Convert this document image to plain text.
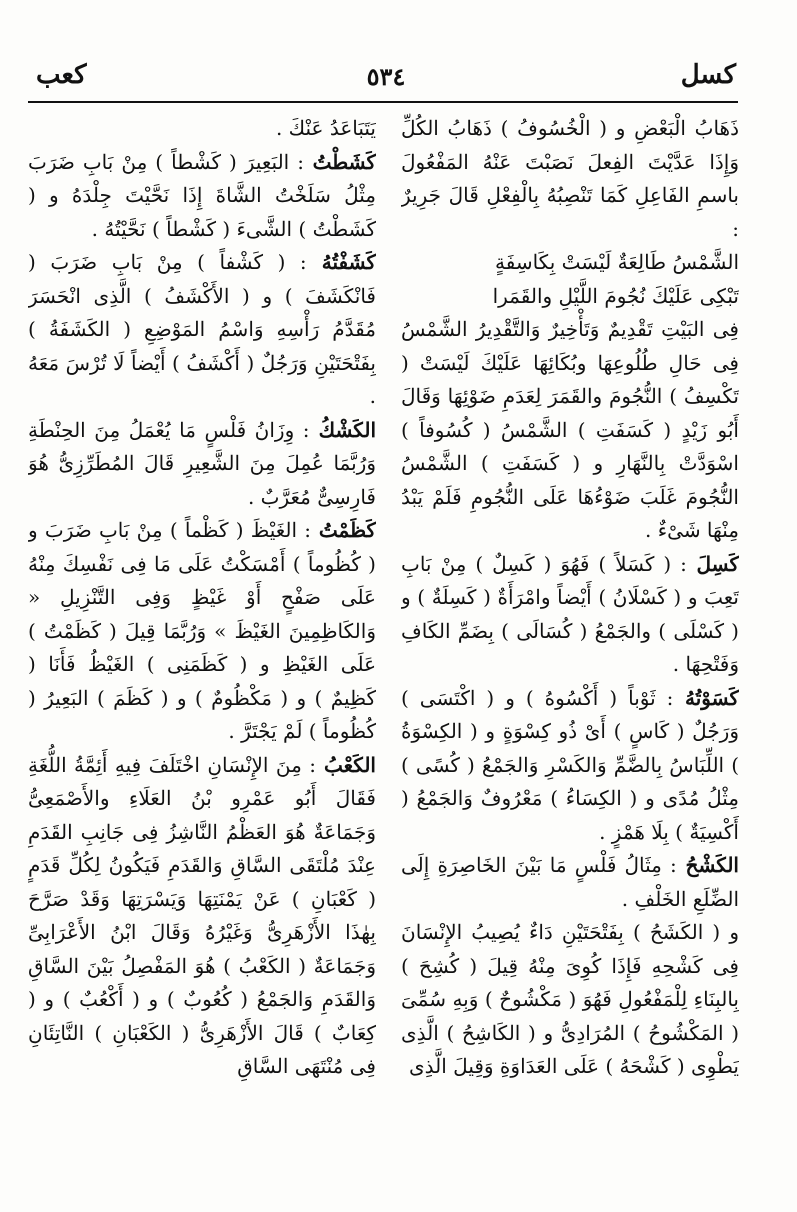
كسل
٥٣٤
كعب
ذَهَابُ الْبَعْضِ و ( الْخُسُوفُ ) ذَهَابُ الكُلِّ وَإِذَا عَدَّيْتَ الفِعلَ نَصَبْتَ عَنْهُ المَفْعُولَ باسمِ الفَاعِلِ كَمَا تَنْصِبُهُ بِالْفِعْلِ قَالَ جَرِيرٌ :
الشَّمْسُ طَالِعَةٌ لَيْسَتْ بِكَاسِفَةٍ
تَبْكِى عَلَيْكَ نُجُومَ اللَّيْلِ والقَمَرا
فِى البَيْتِ تَقْدِيمٌ وَتَأْخِيرٌ وَالتَّقْدِيرُ الشَّمْسُ فِى حَالِ طُلُوعِهَا وبُكَائِهَا عَلَيْكَ لَيْسَتْ ( تَكْسِفُ ) النُّجُومَ والقَمَرَ لِعَدَمِ ضَوْئِهَا وَقَالَ أَبُو زَيْدٍ ( كَسَفَتِ ) الشَّمْسُ ( كُسُوفاً ) اسْوَدَّتْ بِالنَّهَارِ و ( كَسَفَتِ ) الشَّمْسُ النُّجُومَ غَلَبَ ضَوْءُهَا عَلَى النُّجُومِ فَلَمْ يَبْدُ مِنْهَا شَىْءٌ .
كَسِلَ : ( كَسَلاً ) فَهُوَ ( كَسِلٌ ) مِنْ بَابِ تَعِبَ و ( كَسْلَانُ ) أَيْضاً وامْرَأَةٌ ( كَسِلَةٌ ) و ( كَسْلَى ) والجَمْعُ ( كُسَالَى ) بِضَمِّ الكَافِ وَفَتْحِهَا .
كَسَوْتُهُ : ثَوْباً ( أَكْسُوهُ ) و ( اكْتَسَى ) وَرَجُلٌ ( كَاسٍ ) أَىْ ذُو كِسْوَةٍ و ( الكِسْوَةُ ) اللِّبَاسُ بِالضَّمِّ وَالكَسْرِ وَالجَمْعُ ( كُسًى ) مِثْلُ مُدًى و ( الكِسَاءُ ) مَعْرُوفٌ وَالجَمْعُ ( أَكْسِيَةٌ ) بِلَا هَمْزٍ .
الكَشْحُ : مِثَالُ فَلْسٍ مَا بَيْنَ الخَاصِرَةِ إِلَى الضِّلَعِ الخَلْفِ .
و ( الكَشَحُ ) بِفَتْحَتَيْنِ دَاءٌ يُصِيبُ الإِنْسَانَ فِى كَشْحِهِ فَإِذَا كُوِىَ مِنْهُ قِيلَ ( كُشِحَ ) بِالبِنَاءِ لِلْمَفْعُولِ فَهُوَ ( مَكْشُوحٌ ) وَبِهِ سُمِّىَ ( المَكْشُوحُ ) المُرَادِىُّ و ( الكَاشِحُ ) الَّذِى يَطْوِى ( كَشْحَهُ ) عَلَى العَدَاوَةِ وَقِيلَ الَّذِى
يَتَبَاعَدُ عَنْكَ .
كَشَطْتُ : البَعِيرَ ( كَشْطاً ) مِنْ بَابِ ضَرَبَ مِثْلُ سَلَخْتُ الشَّاةَ إِذَا نَحَّيْتَ جِلْدَهُ و ( كَشَطْتُ ) الشَّىءَ ( كَشْطاً ) نَحَّيْتُهُ .
كَشَفْتُهُ : ( كَشْفاً ) مِنْ بَابِ ضَرَبَ ( فَانْكَشَفَ ) و ( الأَكْشَفُ ) الَّذِى انْحَسَرَ مُقَدَّمُ رَأْسِهِ وَاسْمُ المَوْضِعِ ( الكَشَفَةُ ) بِفَتْحَتَيْنِ وَرَجُلٌ ( أَكْشَفُ ) أَيْضاً لَا تُرْسَ مَعَهُ .
الكَشْكُ : وِزَانُ فَلْسٍ مَا يُعْمَلُ مِنَ الحِنْطَةِ وَرُبَّمَا عُمِلَ مِنَ الشَّعِيرِ قَالَ المُطَرِّزِىُّ هُوَ فَارِسِىٌّ مُعَرَّبٌ .
كَظَمْتُ : الغَيْظَ ( كَظْماً ) مِنْ بَابِ ضَرَبَ و ( كُظُوماً ) أَمْسَكْتُ عَلَى مَا فِى نَفْسِكَ مِنْهُ عَلَى صَفْحٍ أَوْ غَيْظٍ وَفِى التَّنْزِيلِ « وَالكَاظِمِينَ الغَيْظَ » وَرُبَّمَا قِيلَ ( كَظَمْتُ ) عَلَى الغَيْظِ و ( كَظَمَنِى ) الغَيْظُ فَأَنَا ( كَظِيمٌ ) و ( مَكْظُومٌ ) و ( كَظَمَ ) البَعِيرُ ( كُظُوماً ) لَمْ يَجْتَرَّ .
الكَعْبُ : مِنَ الإِنْسَانِ اخْتَلَفَ فِيهِ أَئِمَّةُ اللُّغَةِ فَقَالَ أَبُو عَمْرِو بْنُ العَلَاءِ والأَصْمَعِىُّ وَجَمَاعَةٌ هُوَ العَظْمُ النَّاشِزُ فِى جَانِبِ القَدَمِ عِنْدَ مُلْتَقَى السَّاقِ وَالقَدَمِ فَيَكُونُ لِكُلِّ قَدَمٍ ( كَعْبَانِ ) عَنْ يَمْنَتِهَا وَيَسْرَتِهَا وَقَدْ صَرَّحَ بِهٰذَا الأَزْهَرِىُّ وَغَيْرُهُ وَقَالَ ابْنُ الأَعْرَابِىِّ وَجَمَاعَةٌ ( الكَعْبُ ) هُوَ المَفْصِلُ بَيْنَ السَّاقِ وَالقَدَمِ وَالجَمْعُ ( كُعُوبٌ ) و ( أَكْعُبٌ ) و ( كِعَابٌ ) قَالَ الأَزْهَرِىُّ ( الكَعْبَانِ ) النَّاتِئَانِ فِى مُنْتَهَى السَّاقِ
